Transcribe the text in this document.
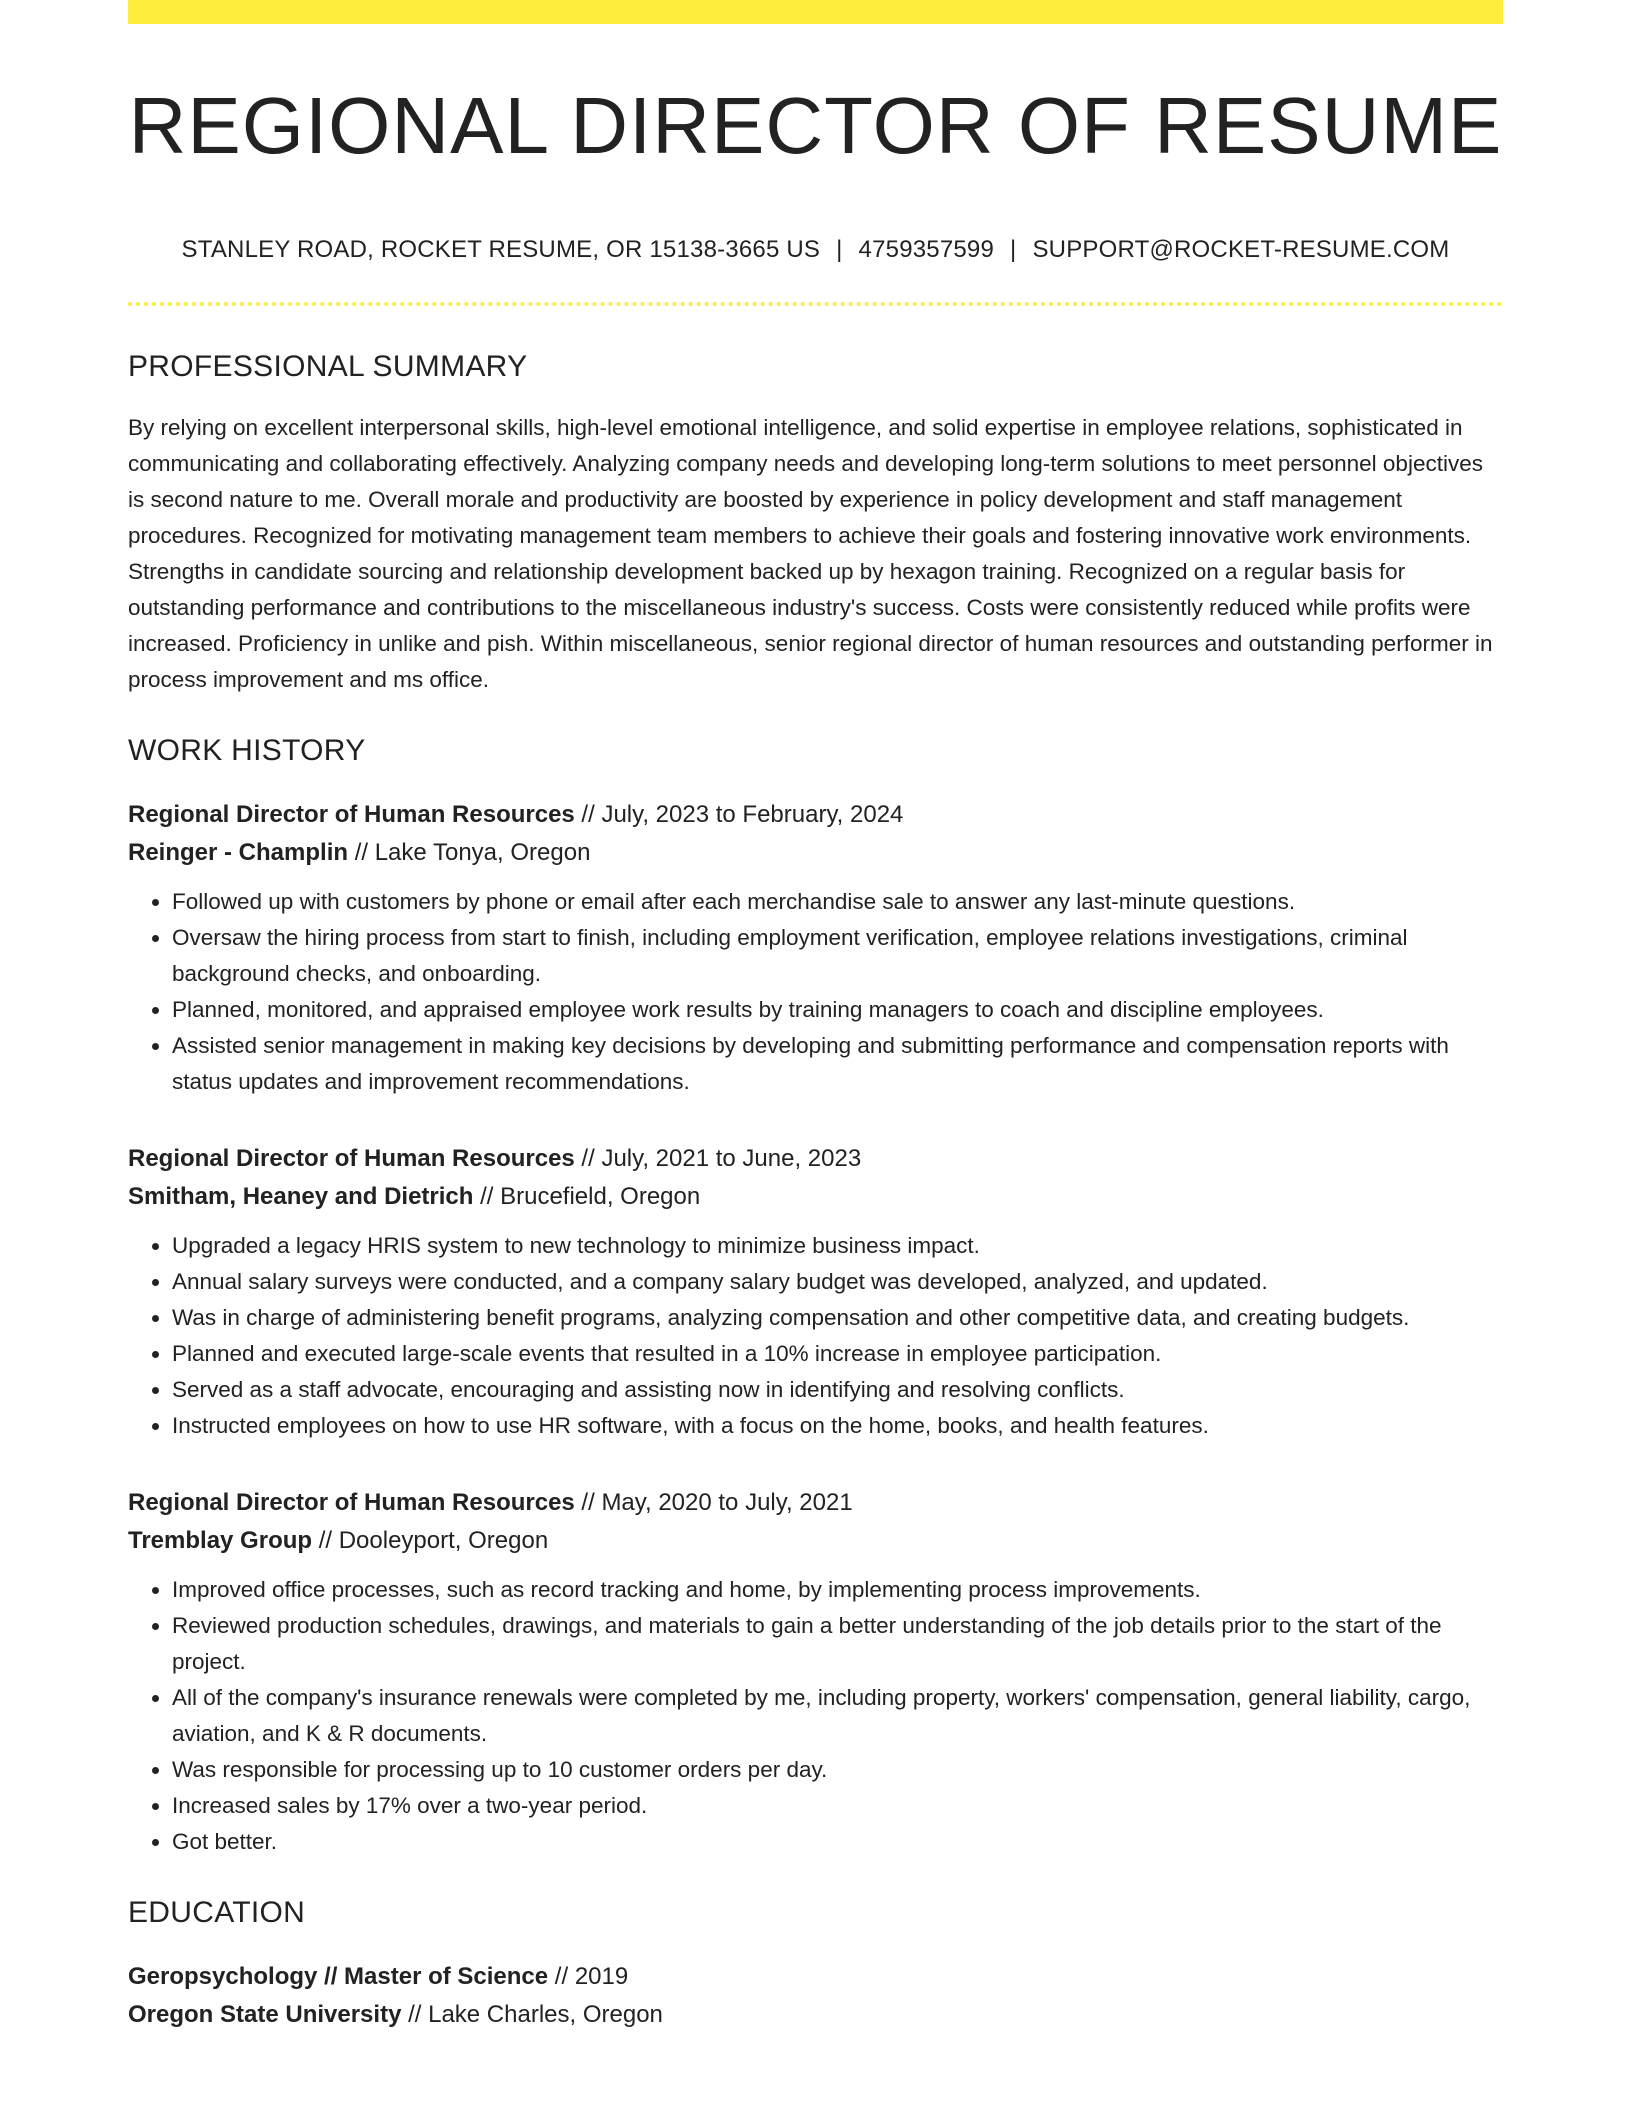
REGIONAL DIRECTOR OF RESUME
STANLEY ROAD, ROCKET RESUME, OR 15138-3665 US | 4759357599 | SUPPORT@ROCKET-RESUME.COM
PROFESSIONAL SUMMARY
By relying on excellent interpersonal skills, high-level emotional intelligence, and solid expertise in employee relations, sophisticated in communicating and collaborating effectively. Analyzing company needs and developing long-term solutions to meet personnel objectives is second nature to me. Overall morale and productivity are boosted by experience in policy development and staff management procedures. Recognized for motivating management team members to achieve their goals and fostering innovative work environments. Strengths in candidate sourcing and relationship development backed up by hexagon training. Recognized on a regular basis for outstanding performance and contributions to the miscellaneous industry's success. Costs were consistently reduced while profits were increased. Proficiency in unlike and pish. Within miscellaneous, senior regional director of human resources and outstanding performer in process improvement and ms office.
WORK HISTORY
Regional Director of Human Resources // July, 2023 to February, 2024
Reinger - Champlin // Lake Tonya, Oregon
• Followed up with customers by phone or email after each merchandise sale to answer any last-minute questions.
• Oversaw the hiring process from start to finish, including employment verification, employee relations investigations, criminal background checks, and onboarding.
• Planned, monitored, and appraised employee work results by training managers to coach and discipline employees.
• Assisted senior management in making key decisions by developing and submitting performance and compensation reports with status updates and improvement recommendations.
Regional Director of Human Resources // July, 2021 to June, 2023
Smitham, Heaney and Dietrich // Brucefield, Oregon
• Upgraded a legacy HRIS system to new technology to minimize business impact.
• Annual salary surveys were conducted, and a company salary budget was developed, analyzed, and updated.
• Was in charge of administering benefit programs, analyzing compensation and other competitive data, and creating budgets.
• Planned and executed large-scale events that resulted in a 10% increase in employee participation.
• Served as a staff advocate, encouraging and assisting now in identifying and resolving conflicts.
• Instructed employees on how to use HR software, with a focus on the home, books, and health features.
Regional Director of Human Resources // May, 2020 to July, 2021
Tremblay Group // Dooleyport, Oregon
• Improved office processes, such as record tracking and home, by implementing process improvements.
• Reviewed production schedules, drawings, and materials to gain a better understanding of the job details prior to the start of the project.
• All of the company's insurance renewals were completed by me, including property, workers' compensation, general liability, cargo, aviation, and K & R documents.
• Was responsible for processing up to 10 customer orders per day.
• Increased sales by 17% over a two-year period.
• Got better.
EDUCATION
Geropsychology // Master of Science // 2019
Oregon State University // Lake Charles, Oregon
